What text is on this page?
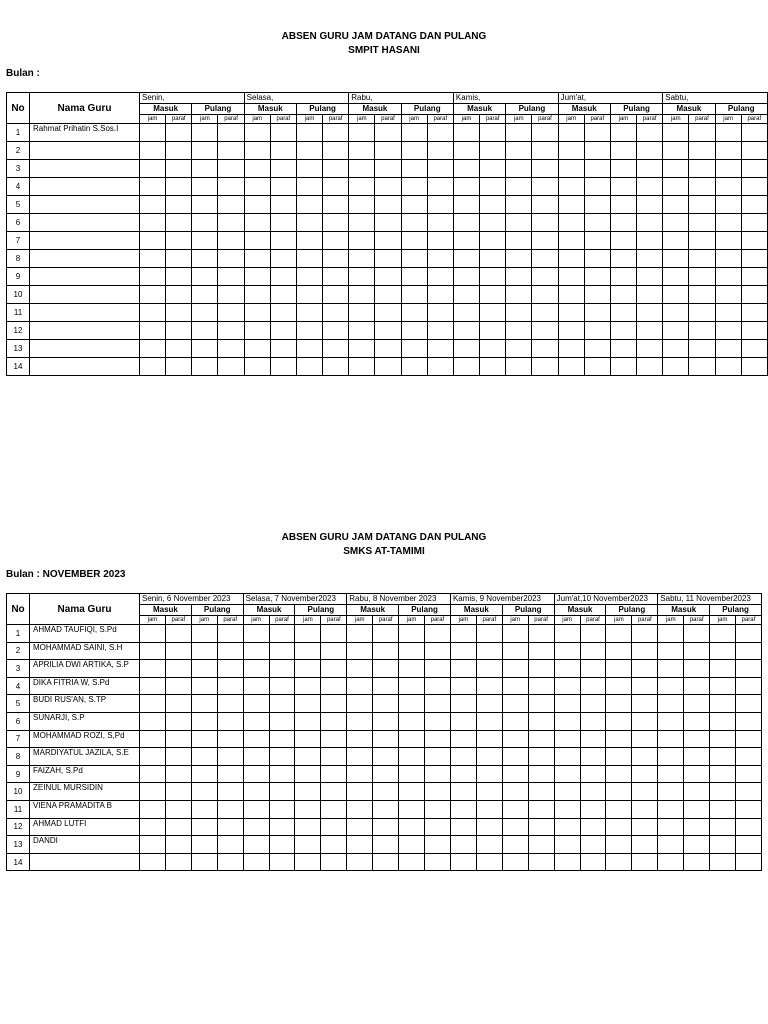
ABSEN GURU JAM DATANG DAN PULANG
SMPIT HASANI
Bulan :
No	Nama Guru	Senin,				Selasa,				Rabu,				Kamis,				Jum'at,				Sabtu,			
		Masuk		Pulang		Masuk		Pulang		Masuk		Pulang		Masuk		Pulang		Masuk		Pulang		Masuk		Pulang	
		jam	paraf	jam	paraf	jam	paraf	jam	paraf	jam	paraf	jam	paraf	jam	paraf	jam	paraf	jam	paraf	jam	paraf	jam	paraf	jam	paraf
1	Rahmat Prihatin S.Sos.I																								
2																									
3																									
4																									
5																									
6																									
7																									
8																									
9																									
10																									
11																									
12																									
13																									
14																									
ABSEN GURU JAM DATANG DAN PULANG
SMKS AT-TAMIMI
Bulan : NOVEMBER 2023
No	Nama Guru	Senin, 6 November 2023				Selasa, 7 November2023				Rabu, 8 November 2023				Kamis, 9 November2023				Jum'at,10 November2023				Sabtu, 11 November2023			
		Masuk		Pulang		Masuk		Pulang		Masuk		Pulang		Masuk		Pulang		Masuk		Pulang		Masuk		Pulang	
		jam	paraf	jam	paraf	jam	paraf	jam	paraf	jam	paraf	jam	paraf	jam	paraf	jam	paraf	jam	paraf	jam	paraf	jam	paraf	jam	paraf
1	AHMAD TAUFIQI, S.Pd																								
2	MOHAMMAD SAINI, S.H																								
3	APRILIA DWI ARTIKA, S.P																								
4	DIKA FITRIA W, S.Pd																								
5	BUDI RUS'AN, S.TP																								
6	SUNARJI, S.P																								
7	MOHAMMAD ROZI, S,Pd																								
8	MARDIYATUL JAZILA, S.E																								
9	FAIZAH, S.Pd																								
10	ZEINUL MURSIDIN																								
11	VIENA PRAMADITA B																								
12	AHMAD LUTFI																								
13	DANDI																								
14																									
